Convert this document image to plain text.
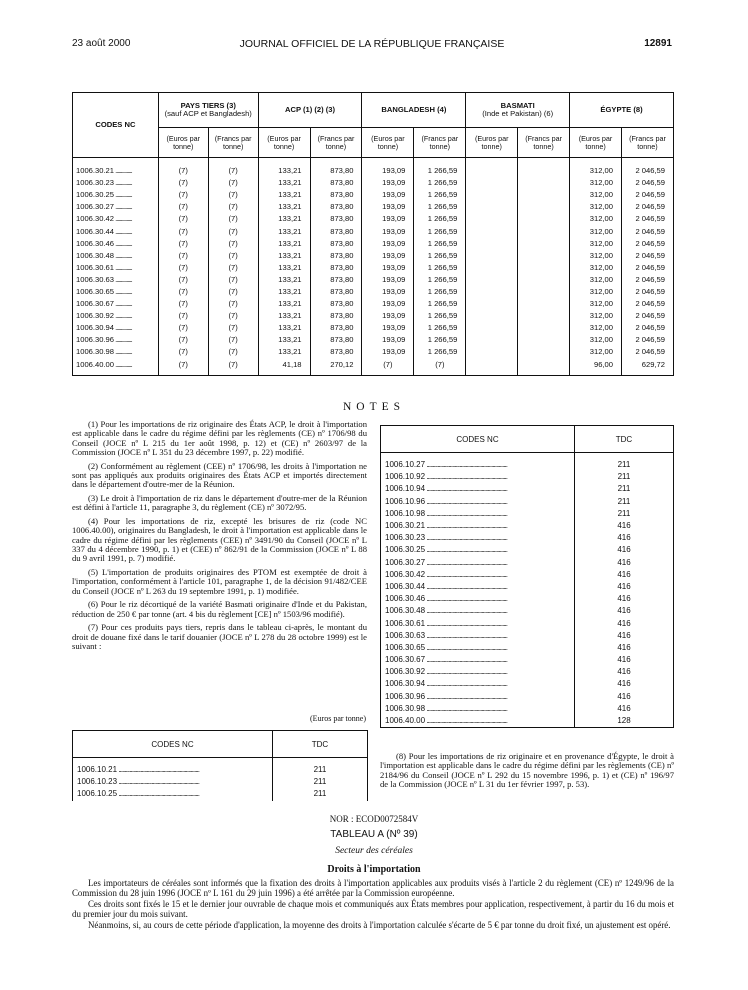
23 août 2000	JOURNAL OFFICIEL DE LA RÉPUBLIQUE FRANÇAISE	12891
CODES NC	PAYS TIERS (3)
(sauf ACP et Bangladesh)		ACP (1) (2) (3)		BANGLADESH (4)		BASMATI
(Inde et Pakistan) (6)		ÉGYPTE (8)	
	(Euros par tonne)	(Francs par tonne)	(Euros par tonne)	(Francs par tonne)	(Euros par tonne)	(Francs par tonne)	(Euros par tonne)	(Francs par tonne)	(Euros par tonne)	(Francs par tonne)
1006.30.21 ...............	(7)	(7)	133,21	873,80	193,09	1 266,59			312,00	2 046,59
1006.30.23 ...............	(7)	(7)	133,21	873,80	193,09	1 266,59			312,00	2 046,59
1006.30.25 ...............	(7)	(7)	133,21	873,80	193,09	1 266,59			312,00	2 046,59
1006.30.27 ...............	(7)	(7)	133,21	873,80	193,09	1 266,59			312,00	2 046,59
1006.30.42 ...............	(7)	(7)	133,21	873,80	193,09	1 266,59			312,00	2 046,59
1006.30.44 ...............	(7)	(7)	133,21	873,80	193,09	1 266,59			312,00	2 046,59
1006.30.46 ...............	(7)	(7)	133,21	873,80	193,09	1 266,59			312,00	2 046,59
1006.30.48 ...............	(7)	(7)	133,21	873,80	193,09	1 266,59			312,00	2 046,59
1006.30.61 ...............	(7)	(7)	133,21	873,80	193,09	1 266,59			312,00	2 046,59
1006.30.63 ...............	(7)	(7)	133,21	873,80	193,09	1 266,59			312,00	2 046,59
1006.30.65 ...............	(7)	(7)	133,21	873,80	193,09	1 266,59			312,00	2 046,59
1006.30.67 ...............	(7)	(7)	133,21	873,80	193,09	1 266,59			312,00	2 046,59
1006.30.92 ...............	(7)	(7)	133,21	873,80	193,09	1 266,59			312,00	2 046,59
1006.30.94 ...............	(7)	(7)	133,21	873,80	193,09	1 266,59			312,00	2 046,59
1006.30.96 ...............	(7)	(7)	133,21	873,80	193,09	1 266,59			312,00	2 046,59
1006.30.98 ...............	(7)	(7)	133,21	873,80	193,09	1 266,59			312,00	2 046,59
1006.40.00 ...............	(7)	(7)	41,18	270,12	(7)	(7)			96,00	629,72
NOTES

(1) Pour les importations de riz originaire des États ACP, le droit à l'importation est applicable dans le cadre du régime défini par les règlements (CE) nº 1706/98 du Conseil (JOCE nº L 215 du 1er août 1998, p. 12) et (CE) nº 2603/97 de la Commission (JOCE nº L 351 du 23 décembre 1997, p. 22) modifié.

(2) Conformément au règlement (CEE) nº 1706/98, les droits à l'importation ne sont pas appliqués aux produits originaires des États ACP et importés directement dans le département d'outre-mer de la Réunion.

(3) Le droit à l'importation de riz dans le département d'outre-mer de la Réunion est défini à l'article 11, paragraphe 3, du règlement (CE) nº 3072/95.

(4) Pour les importations de riz, excepté les brisures de riz (code NC 1006.40.00), originaires du Bangladesh, le droit à l'importation est applicable dans le cadre du régime défini par les règlements (CEE) nº 3491/90 du Conseil (JOCE nº L 337 du 4 décembre 1990, p. 1) et (CEE) nº 862/91 de la Commission (JOCE nº L 88 du 9 avril 1991, p. 7) modifié.

(5) L'importation de produits originaires des PTOM est exemptée de droit à l'importation, conformément à l'article 101, paragraphe 1, de la décision 91/482/CEE du Conseil (JOCE nº L 263 du 19 septembre 1991, p. 1) modifiée.

(6) Pour le riz décortiqué de la variété Basmati originaire d'Inde et du Pakistan, réduction de 250 € par tonne (art. 4 bis du règlement [CE] nº 1503/96 modifié).

(7) Pour ces produits pays tiers, repris dans le tableau ci-après, le montant du droit de douane fixé dans le tarif douanier (JOCE nº L 278 du 28 octobre 1999) est le suivant :

(Euros par tonne)
CODES NC	TDC
1006.10.21 ..................................................................	211
1006.10.23 ..................................................................	211
1006.10.25 ..................................................................	211
CODES NC	TDC
1006.10.27 ..................................................................	211
1006.10.92 ..................................................................	211
1006.10.94 ..................................................................	211
1006.10.96 ..................................................................	211
1006.10.98 ..................................................................	211
1006.30.21 ..................................................................	416
1006.30.23 ..................................................................	416
1006.30.25 ..................................................................	416
1006.30.27 ..................................................................	416
1006.30.42 ..................................................................	416
1006.30.44 ..................................................................	416
1006.30.46 ..................................................................	416
1006.30.48 ..................................................................	416
1006.30.61 ..................................................................	416
1006.30.63 ..................................................................	416
1006.30.65 ..................................................................	416
1006.30.67 ..................................................................	416
1006.30.92 ..................................................................	416
1006.30.94 ..................................................................	416
1006.30.96 ..................................................................	416
1006.30.98 ..................................................................	416
1006.40.00 ..................................................................	128
(8) Pour les importations de riz originaire et en provenance d'Égypte, le droit à l'importation est applicable dans le cadre du régime défini par les règlements (CE) nº 2184/96 du Conseil (JOCE nº L 292 du 15 novembre 1996, p. 1) et (CE) nº 196/97 de la Commission (JOCE nº L 31 du 1er février 1997, p. 53).
NOR : ECOD0072584V
TABLEAU A (Nº 39)
Secteur des céréales
Droits à l'importation

Les importateurs de céréales sont informés que la fixation des droits à l'importation applicables aux produits visés à l'article 2 du règlement (CE) nº 1249/96 de la Commission du 28 juin 1996 (JOCE nº L 161 du 29 juin 1996) a été arrêtée par la Commission européenne.

Ces droits sont fixés le 15 et le dernier jour ouvrable de chaque mois et communiqués aux États membres pour application, respectivement, à partir du 16 du mois et du premier jour du mois suivant.

Néanmoins, si, au cours de cette période d'application, la moyenne des droits à l'importation calculée s'écarte de 5 € par tonne du droit fixé, un ajustement est opéré.
